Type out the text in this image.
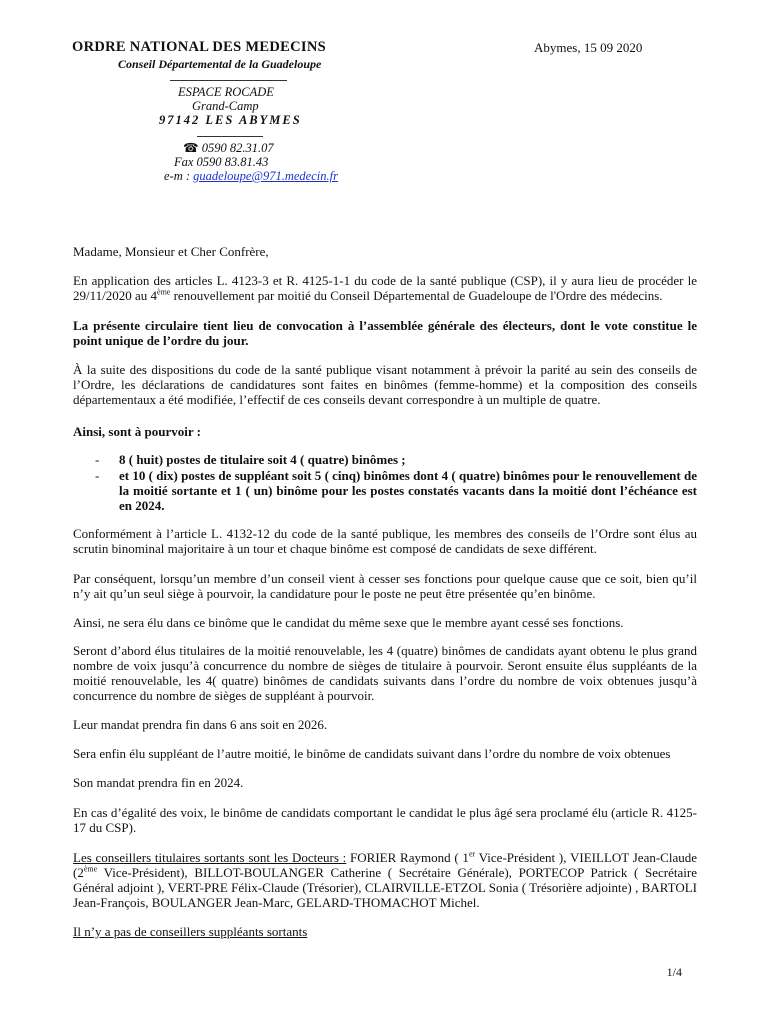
ORDRE NATIONAL DES MEDECINS
Conseil Départemental de la Guadeloupe
Abymes, 15 09 2020
ESPACE ROCADE
Grand-Camp
97142 LES ABYMES
☎ 0590 82.31.07
Fax 0590 83.81.43
e-m : guadeloupe@971.medecin.fr
Madame, Monsieur et Cher Confrère,

En application des articles L. 4123-3 et R. 4125-1-1 du code de la santé publique (CSP), il y aura lieu de procéder le 29/11/2020 au 4ème renouvellement par moitié du Conseil Départemental de Guadeloupe de l'Ordre des médecins.

La présente circulaire tient lieu de convocation à l’assemblée générale des électeurs, dont le vote constitue le point unique de l’ordre du jour.

À la suite des dispositions du code de la santé publique visant notamment à prévoir la parité au sein des conseils de l’Ordre, les déclarations de candidatures sont faites en binômes (femme-homme) et la composition des conseils départementaux a été modifiée, l’effectif de ces conseils devant correspondre à un multiple de quatre.

Ainsi, sont à pourvoir :

- 8 ( huit) postes de titulaire soit 4 ( quatre) binômes ;
- et 10 ( dix) postes de suppléant soit 5 ( cinq) binômes dont 4 ( quatre) binômes pour le renouvellement de la moitié sortante et 1 ( un) binôme pour les postes constatés vacants dans la moitié dont l’échéance est en 2024.

Conformément à l’article L. 4132-12 du code de la santé publique, les membres des conseils de l’Ordre sont élus au scrutin binominal majoritaire à un tour et chaque binôme est composé de candidats de sexe différent.

Par conséquent, lorsqu’un membre d’un conseil vient à cesser ses fonctions pour quelque cause que ce soit, bien qu’il n’y ait qu’un seul siège à pourvoir, la candidature pour le poste ne peut être présentée qu’en binôme.

Ainsi, ne sera élu dans ce binôme que le candidat du même sexe que le membre ayant cessé ses fonctions.

Seront d’abord élus titulaires de la moitié renouvelable, les 4 (quatre) binômes de candidats ayant obtenu le plus grand nombre de voix jusqu’à concurrence du nombre de sièges de titulaire à pourvoir. Seront ensuite élus suppléants de la moitié renouvelable, les 4( quatre) binômes de candidats suivants dans l’ordre du nombre de voix obtenues jusqu’à concurrence du nombre de sièges de suppléant à pourvoir.

Leur mandat prendra fin dans 6 ans soit en 2026.

Sera enfin élu suppléant de l’autre moitié, le binôme de candidats suivant dans l’ordre du nombre de voix obtenues

Son mandat prendra fin en 2024.

En cas d’égalité des voix, le binôme de candidats comportant le candidat le plus âgé sera proclamé élu (article R. 4125-17 du CSP).

Les conseillers titulaires sortants sont les Docteurs : FORIER Raymond ( 1er Vice-Président ), VIEILLOT Jean-Claude (2ème Vice-Président), BILLOT-BOULANGER Catherine ( Secrétaire Générale), PORTECOP Patrick ( Secrétaire Général adjoint ), VERT-PRE Félix-Claude (Trésorier), CLAIRVILLE-ETZOL Sonia ( Trésorière adjointe) , BARTOLI Jean-François, BOULANGER Jean-Marc, GELARD-THOMACHOT Michel.

Il n’y a pas de conseillers suppléants sortants

1/4
